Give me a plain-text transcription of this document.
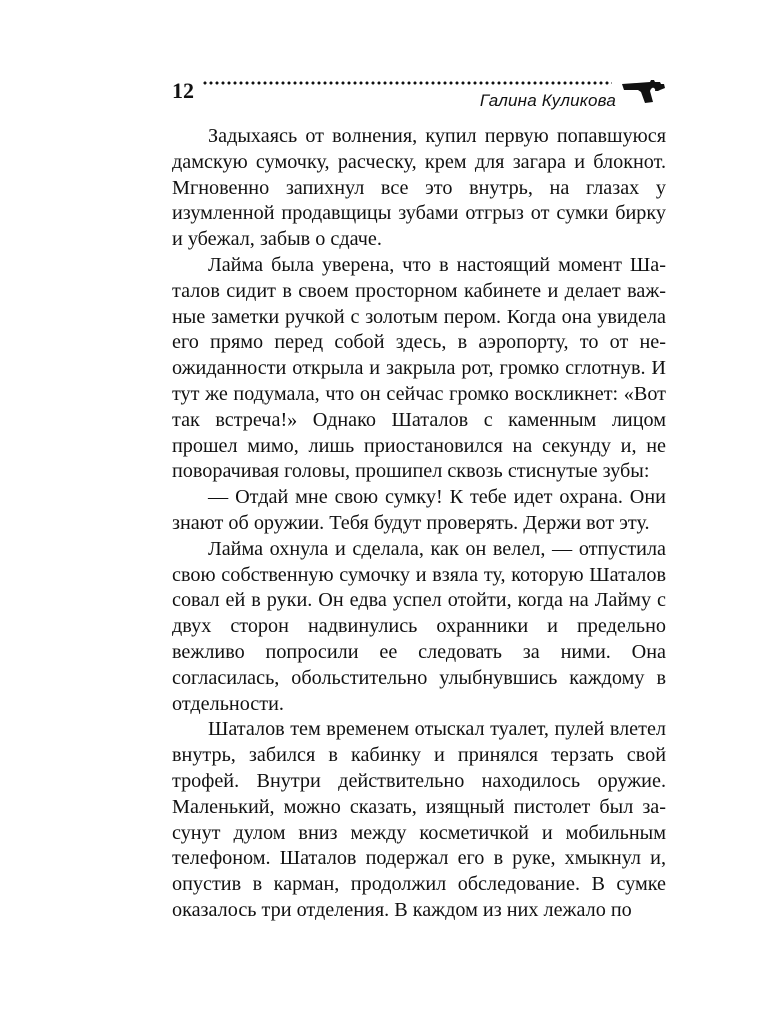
12	Галина Куликова

Задыхаясь от волнения, купил первую попавшуюся дамскую сумочку, расческу, крем для загара и блокнот. Мгновенно запихнул все это внутрь, на глазах у изумленной продавщицы зубами отгрыз от сумки бирку и убежал, забыв о сдаче.

Лайма была уверена, что в настоящий момент Шаталов сидит в своем просторном кабинете и делает важные заметки ручкой с золотым пером. Когда она увидела его прямо перед собой здесь, в аэропорту, то от неожиданности открыла и закрыла рот, громко сглотнув. И тут же подумала, что он сейчас громко воскликнет: «Вот так встреча!» Однако Шаталов с каменным лицом прошел мимо, лишь приостановился на секунду и, не поворачивая головы, прошипел сквозь стиснутые зубы:

— Отдай мне свою сумку! К тебе идет охрана. Они знают об оружии. Тебя будут проверять. Держи вот эту.

Лайма охнула и сделала, как он велел, — отпустила свою собственную сумочку и взяла ту, которую Шаталов совал ей в руки. Он едва успел отойти, когда на Лайму с двух сторон надвинулись охранники и предельно вежливо попросили ее следовать за ними. Она согласилась, обольстительно улыбнувшись каждому в отдельности.

Шаталов тем временем отыскал туалет, пулей влетел внутрь, забился в кабинку и принялся терзать свой трофей. Внутри действительно находилось оружие. Маленький, можно сказать, изящный пистолет был засунут дулом вниз между косметичкой и мобильным телефоном. Шаталов подержал его в руке, хмыкнул и, опустив в карман, продолжил обследование. В сумке оказалось три отделения. В каждом из них лежало по
